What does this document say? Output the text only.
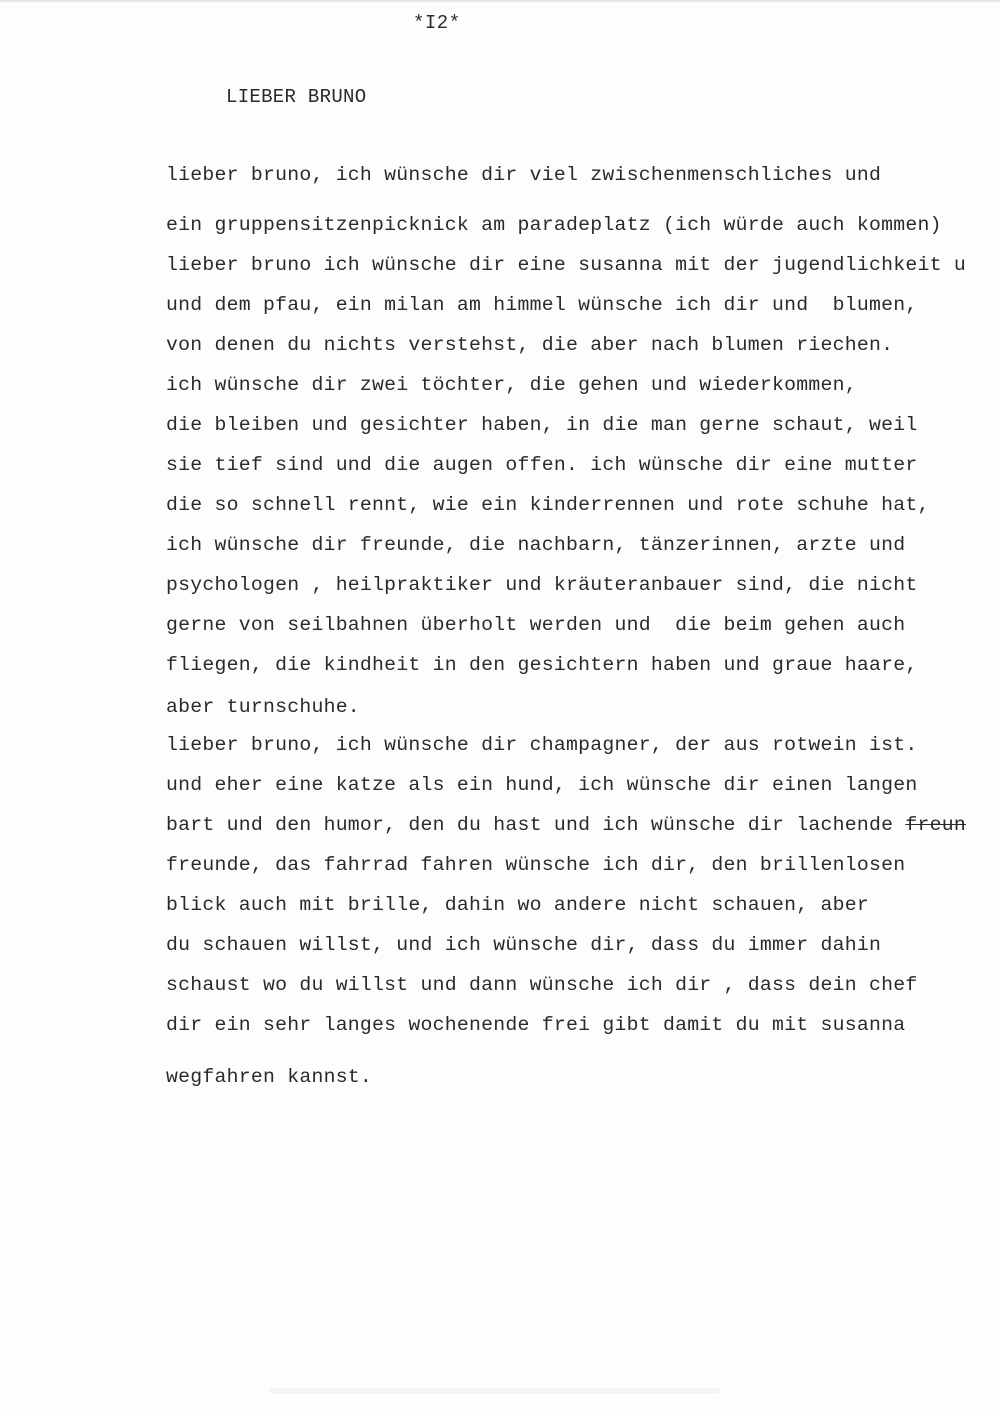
*I2*
LIEBER BRUNO
lieber bruno, ich wünsche dir viel zwischenmenschliches und
ein gruppensitzenpicknick am paradeplatz (ich würde auch kommen)
lieber bruno ich wünsche dir eine susanna mit der jugendlichkeit u
und dem pfau, ein milan am himmel wünsche ich dir und  blumen,
von denen du nichts verstehst, die aber nach blumen riechen.
ich wünsche dir zwei töchter, die gehen und wiederkommen,
die bleiben und gesichter haben, in die man gerne schaut, weil
sie tief sind und die augen offen. ich wünsche dir eine mutter
die so schnell rennt, wie ein kinderrennen und rote schuhe hat,
ich wünsche dir freunde, die nachbarn, tänzerinnen, arzte und
psychologen , heilpraktiker und kräuteranbauer sind, die nicht
gerne von seilbahnen überholt werden und  die beim gehen auch
fliegen, die kindheit in den gesichtern haben und graue haare,
aber turnschuhe.
lieber bruno, ich wünsche dir champagner, der aus rotwein ist.
und eher eine katze als ein hund, ich wünsche dir einen langen
bart und den humor, den du hast und ich wünsche dir lachende freun
freunde, das fahrrad fahren wünsche ich dir, den brillenlosen
blick auch mit brille, dahin wo andere nicht schauen, aber
du schauen willst, und ich wünsche dir, dass du immer dahin
schaust wo du willst und dann wünsche ich dir , dass dein chef
dir ein sehr langes wochenende frei gibt damit du mit susanna
wegfahren kannst.
